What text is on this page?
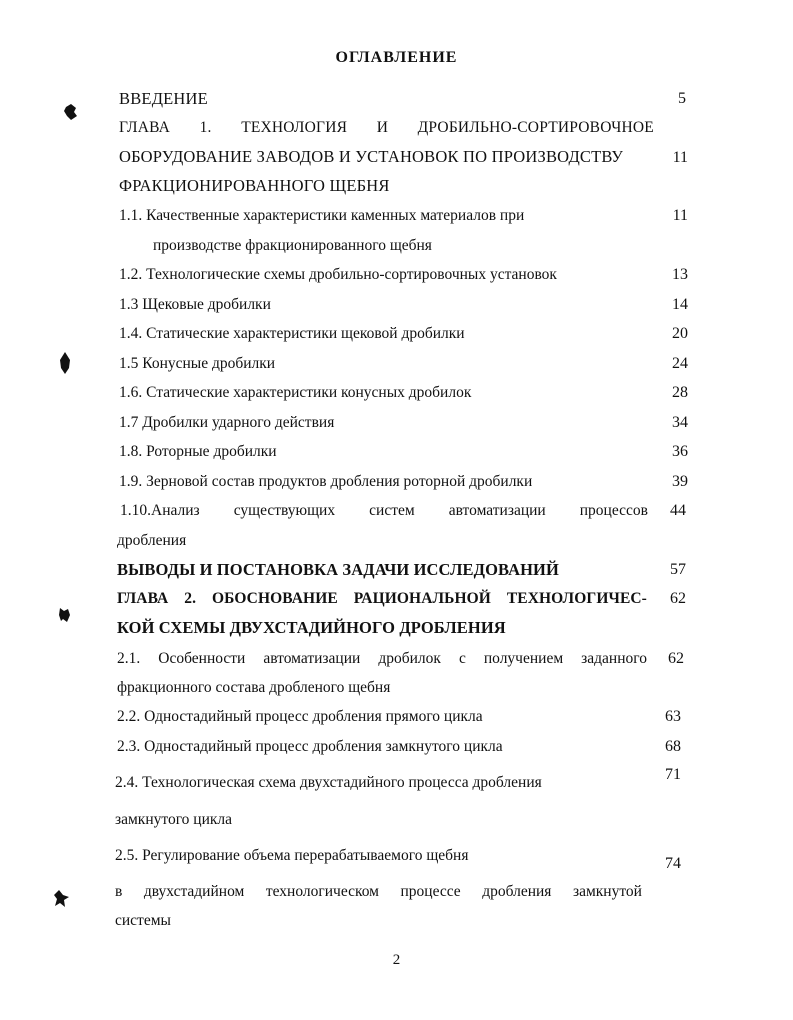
ОГЛАВЛЕНИЕ
ВВЕДЕНИЕ	5
ГЛАВА 1. ТЕХНОЛОГИЯ И ДРОБИЛЬНО-СОРТИРОВОЧНОЕ
ОБОРУДОВАНИЕ ЗАВОДОВ И УСТАНОВОК ПО ПРОИЗВОДСТВУ	11
ФРАКЦИОНИРОВАННОГО ЩЕБНЯ
1.1. Качественные характеристики каменных материалов при	11
производстве фракционированного щебня
1.2. Технологические схемы дробильно-сортировочных установок	13
1.3 Щековые дробилки	14
1.4. Статические характеристики щековой дробилки	20
1.5 Конусные дробилки	24
1.6. Статические характеристики конусных дробилок	28
1.7 Дробилки ударного действия	34
1.8. Роторные дробилки	36
1.9. Зерновой состав продуктов дробления роторной дробилки	39
1.10.Анализ существующих систем автоматизации процессов	44
дробления
ВЫВОДЫ И ПОСТАНОВКА ЗАДАЧИ ИССЛЕДОВАНИЙ	57
ГЛАВА 2. ОБОСНОВАНИЕ РАЦИОНАЛЬНОЙ ТЕХНОЛОГИЧЕС-	62
КОЙ СХЕМЫ ДВУХСТАДИЙНОГО ДРОБЛЕНИЯ
2.1. Особенности автоматизации дробилок с получением заданного	62
фракционного состава дробленого щебня
2.2. Одностадийный процесс дробления прямого цикла	63
2.3. Одностадийный процесс дробления замкнутого цикла	68
2.4. Технологическая схема двухстадийного процесса дробления	71
замкнутого цикла
2.5. Регулирование объема перерабатываемого щебня	74
в двухстадийном технологическом процессе дробления замкнутой
системы
2
